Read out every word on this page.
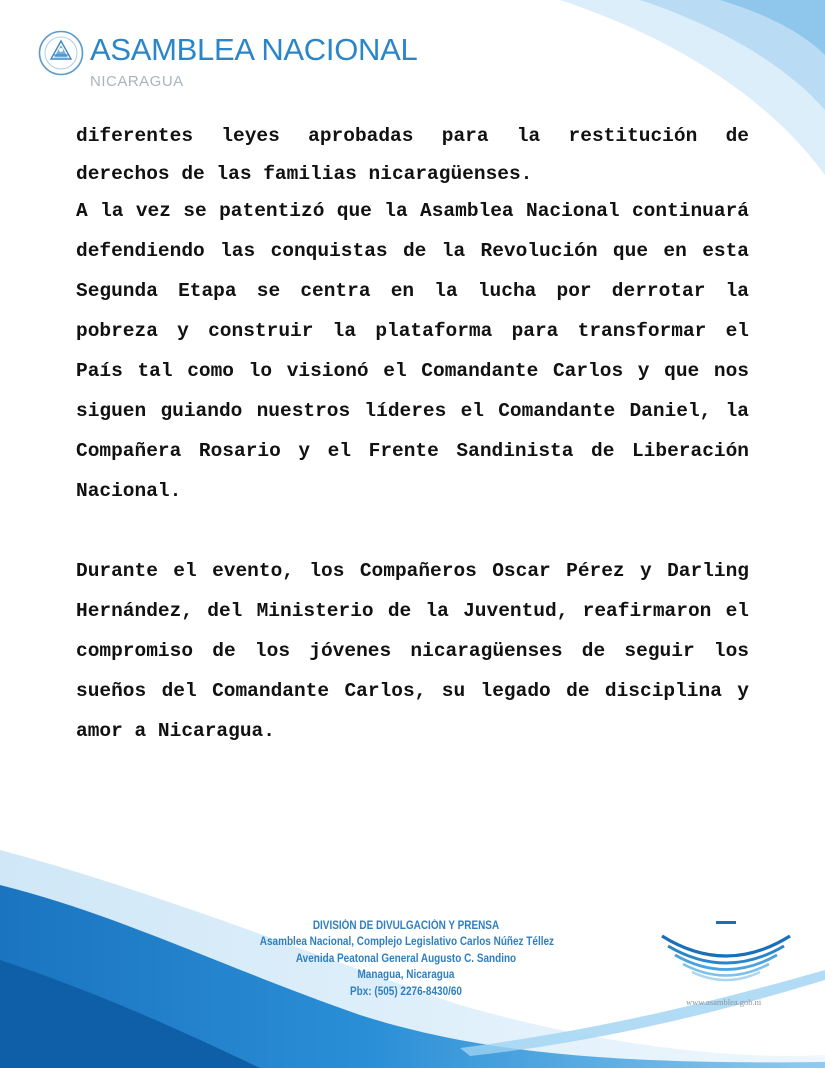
ASAMBLEA NACIONAL
NICARAGUA

diferentes leyes aprobadas para la restitución de derechos de las familias nicaragüenses.

A la vez se patentizó que la Asamblea Nacional continuará defendiendo las conquistas de la Revolución que en esta Segunda Etapa se centra en la lucha por derrotar la pobreza y construir la plataforma para transformar el País tal como lo visionó el Comandante Carlos y que nos siguen guiando nuestros líderes el Comandante Daniel, la Compañera Rosario y el Frente Sandinista de Liberación Nacional.

Durante el evento, los Compañeros Oscar Pérez y Darling Hernández, del Ministerio de la Juventud, reafirmaron el compromiso de los jóvenes nicaragüenses de seguir los sueños del Comandante Carlos, su legado de disciplina y amor a Nicaragua.

DIVISIÓN DE DIVULGACIÓN Y PRENSA
Asamblea Nacional, Complejo Legislativo Carlos Núñez Téllez
Avenida Peatonal General Augusto C. Sandino
Managua, Nicaragua
Pbx: (505) 2276-8430/60
www.asamblea.gob.ni
